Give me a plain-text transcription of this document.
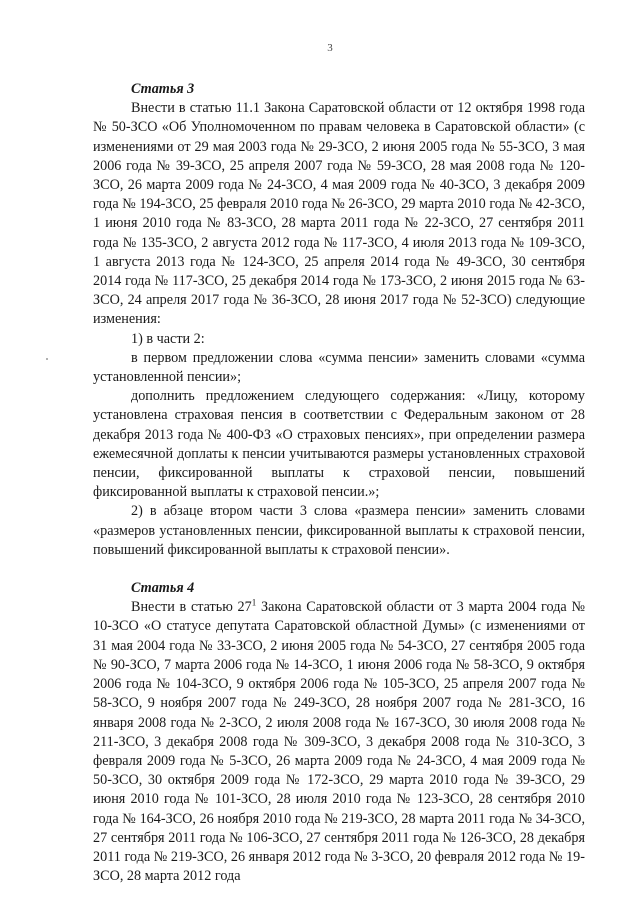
3

Статья 3

Внести в статью 11.1 Закона Саратовской области от 12 октября 1998 года № 50-ЗСО «Об Уполномоченном по правам человека в Саратовской области» (с изменениями от 29 мая 2003 года № 29-ЗСО, 2 июня 2005 года № 55-ЗСО, 3 мая 2006 года № 39-ЗСО, 25 апреля 2007 года № 59-ЗСО, 28 мая 2008 года № 120-ЗСО, 26 марта 2009 года № 24-ЗСО, 4 мая 2009 года № 40-ЗСО, 3 декабря 2009 года № 194-ЗСО, 25 февраля 2010 года № 26-ЗСО, 29 марта 2010 года № 42-ЗСО, 1 июня 2010 года № 83-ЗСО, 28 марта 2011 года № 22-ЗСО, 27 сентября 2011 года № 135-ЗСО, 2 августа 2012 года № 117-ЗСО, 4 июля 2013 года № 109-ЗСО, 1 августа 2013 года № 124-ЗСО, 25 апреля 2014 года № 49-ЗСО, 30 сентября 2014 года № 117-ЗСО, 25 декабря 2014 года № 173-ЗСО, 2 июня 2015 года № 63-ЗСО, 24 апреля 2017 года № 36-ЗСО, 28 июня 2017 года № 52-ЗСО) следующие изменения:

1) в части 2:

в первом предложении слова «сумма пенсии» заменить словами «сумма установленной пенсии»;

дополнить предложением следующего содержания: «Лицу, которому установлена страховая пенсия в соответствии с Федеральным законом от 28 декабря 2013 года № 400-ФЗ «О страховых пенсиях», при определении размера ежемесячной доплаты к пенсии учитываются размеры установленных страховой пенсии, фиксированной выплаты к страховой пенсии, повышений фиксированной выплаты к страховой пенсии.»;

2) в абзаце втором части 3 слова «размера пенсии» заменить словами «размеров установленных пенсии, фиксированной выплаты к страховой пенсии, повышений фиксированной выплаты к страховой пенсии».

Статья 4

Внести в статью $27^1$ Закона Саратовской области от 3 марта 2004 года № 10-ЗСО «О статусе депутата Саратовской областной Думы» (с изменениями от 31 мая 2004 года № 33-ЗСО, 2 июня 2005 года № 54-ЗСО, 27 сентября 2005 года № 90-ЗСО, 7 марта 2006 года № 14-ЗСО, 1 июня 2006 года № 58-ЗСО, 9 октября 2006 года № 104-ЗСО, 9 октября 2006 года № 105-ЗСО, 25 апреля 2007 года № 58-ЗСО, 9 ноября 2007 года № 249-ЗСО, 28 ноября 2007 года № 281-ЗСО, 16 января 2008 года № 2-ЗСО, 2 июля 2008 года № 167-ЗСО, 30 июля 2008 года № 211-ЗСО, 3 декабря 2008 года № 309-ЗСО, 3 декабря 2008 года № 310-ЗСО, 3 февраля 2009 года № 5-ЗСО, 26 марта 2009 года № 24-ЗСО, 4 мая 2009 года № 50-ЗСО, 30 октября 2009 года № 172-ЗСО, 29 марта 2010 года № 39-ЗСО, 29 июня 2010 года № 101-ЗСО, 28 июля 2010 года № 123-ЗСО, 28 сентября 2010 года № 164-ЗСО, 26 ноября 2010 года № 219-ЗСО, 28 марта 2011 года № 34-ЗСО, 27 сентября 2011 года № 106-ЗСО, 27 сентября 2011 года № 126-ЗСО, 28 декабря 2011 года № 219-ЗСО, 26 января 2012 года № 3-ЗСО, 20 февраля 2012 года № 19-ЗСО, 28 марта 2012 года
